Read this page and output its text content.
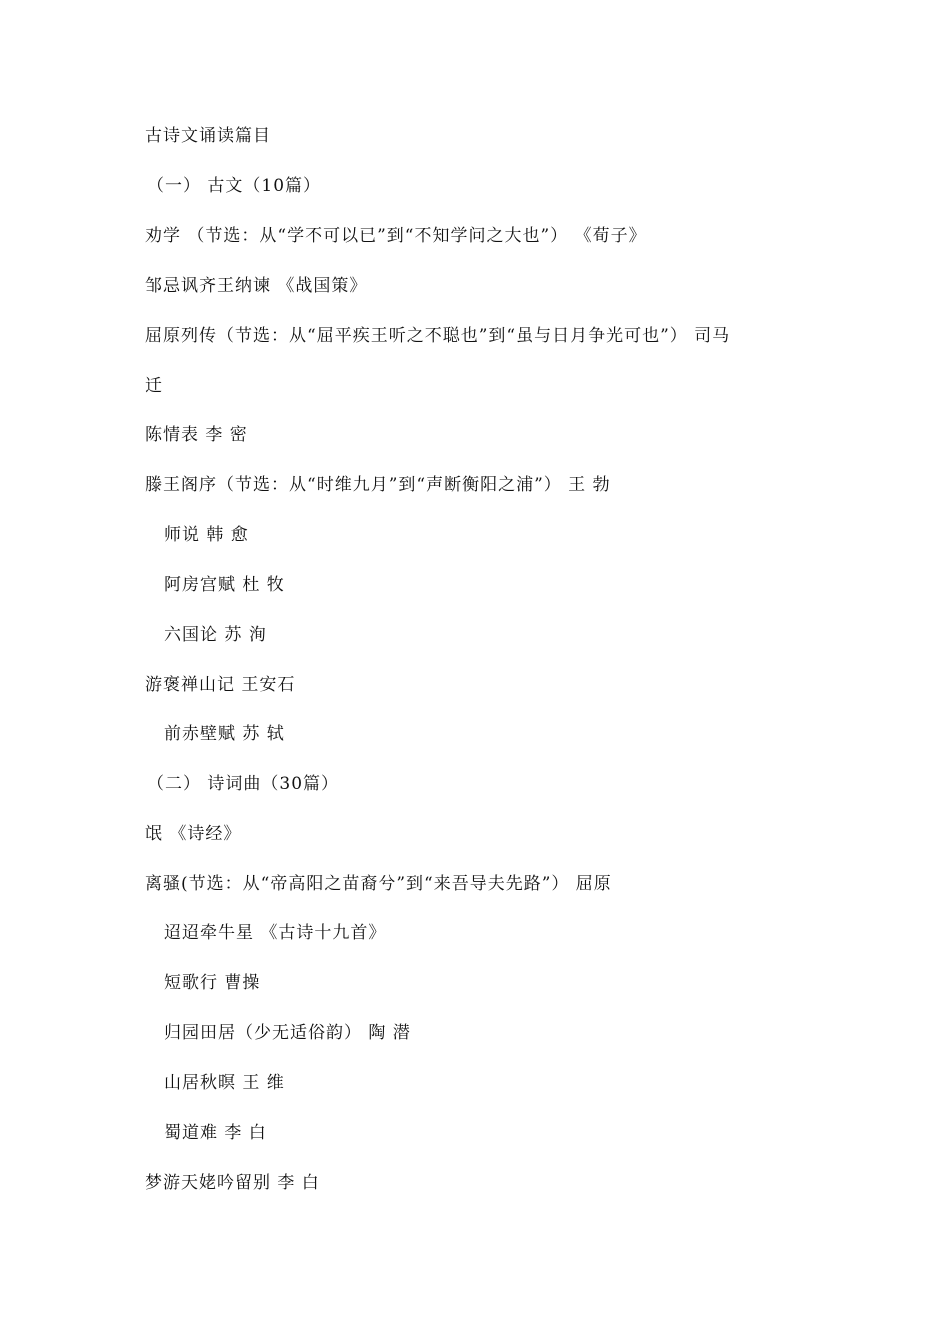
古诗文诵读篇目
（一） 古文（10篇）
劝学 （节选：从“学不可以已”到“不知学问之大也”） 《荀子》
邹忌讽齐王纳谏 《战国策》
屈原列传（节选：从“屈平疾王听之不聪也”到“虽与日月争光可也”） 司马
迁
陈情表 李 密
滕王阁序（节选：从“时维九月”到“声断衡阳之浦”） 王 勃
师说 韩 愈
阿房宫赋 杜 牧
六国论 苏 洵
游褒禅山记 王安石
前赤壁赋 苏 轼
（二） 诗词曲（30篇）
氓 《诗经》
离骚(节选：从“帝高阳之苗裔兮”到“来吾导夫先路”） 屈原
迢迢牵牛星 《古诗十九首》
短歌行 曹操
归园田居（少无适俗韵） 陶 潜
山居秋暝 王 维
蜀道难 李 白
梦游天姥吟留别 李 白
